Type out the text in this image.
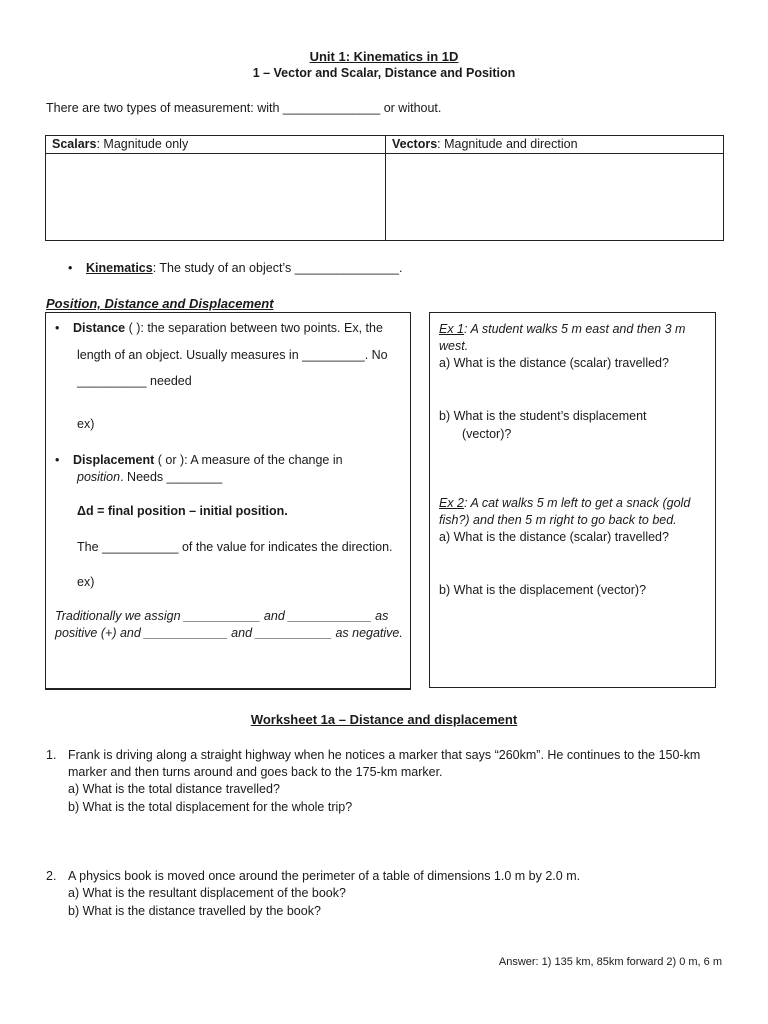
Unit 1: Kinematics in 1D
1 – Vector and Scalar, Distance and Position
There are two types of measurement: with ______________ or without.
Scalars: Magnitude only	Vectors: Magnitude and direction

• Kinematics: The study of an object’s _______________.
Position, Distance and Displacement
• Distance ( ): the separation between two points. Ex, the
length of an object. Usually measures in _________. No
__________ needed
ex)
• Displacement ( or ): A measure of the change in
position. Needs ________
Δd = final position – initial position.
The ___________ of the value for indicates the direction.
ex)
Traditionally we assign ___________ and ____________ as
positive (+) and ____________ and ___________ as negative.
Ex 1: A student walks 5 m east and then 3 m
west.
a) What is the distance (scalar) travelled?
b) What is the student’s displacement
(vector)?
Ex 2: A cat walks 5 m left to get a snack (gold
fish?) and then 5 m right to go back to bed.
a) What is the distance (scalar) travelled?
b) What is the displacement (vector)?
Worksheet 1a – Distance and displacement
1. Frank is driving along a straight highway when he notices a marker that says “260km”. He continues to the 150-km
marker and then turns around and goes back to the 175-km marker.
a) What is the total distance travelled?
b) What is the total displacement for the whole trip?
2. A physics book is moved once around the perimeter of a table of dimensions 1.0 m by 2.0 m.
a) What is the resultant displacement of the book?
b) What is the distance travelled by the book?
Answer: 1) 135 km, 85km forward 2) 0 m, 6 m
